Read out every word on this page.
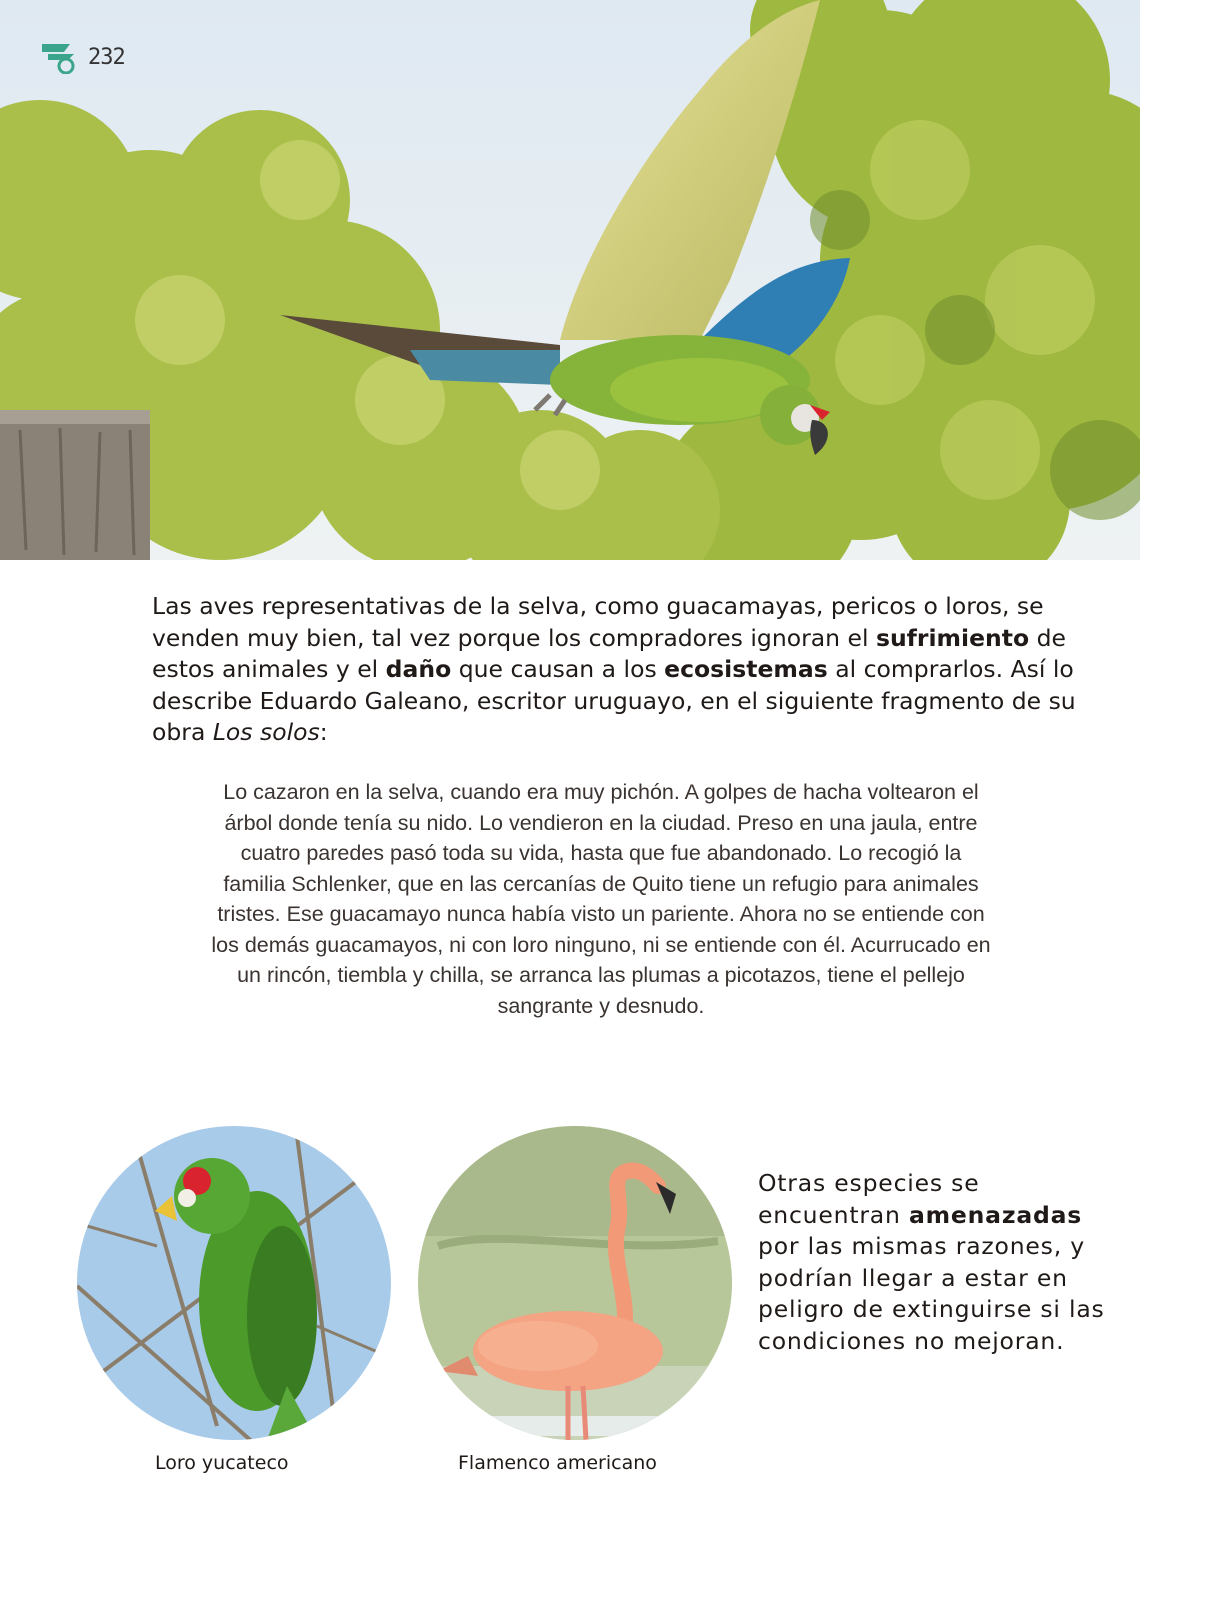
232

Las aves representativas de la selva, como guacamayas, pericos o loros, se venden muy bien, tal vez porque los compradores ignoran el sufrimiento de estos animales y el daño que causan a los ecosistemas al comprarlos. Así lo describe Eduardo Galeano, escritor uruguayo, en el siguiente fragmento de su obra Los solos:

Lo cazaron en la selva, cuando era muy pichón. A golpes de hacha voltearon el árbol donde tenía su nido. Lo vendieron en la ciudad. Preso en una jaula, entre cuatro paredes pasó toda su vida, hasta que fue abandonado. Lo recogió la familia Schlenker, que en las cercanías de Quito tiene un refugio para animales tristes. Ese guacamayo nunca había visto un pariente. Ahora no se entiende con los demás guacamayos, ni con loro ninguno, ni se entiende con él. Acurrucado en un rincón, tiembla y chilla, se arranca las plumas a picotazos, tiene el pellejo sangrante y desnudo.

Loro yucateco	Flamenco americano

Otras especies se encuentran amenazadas por las mismas razones, y podrían llegar a estar en peligro de extinguirse si las condiciones no mejoran.
